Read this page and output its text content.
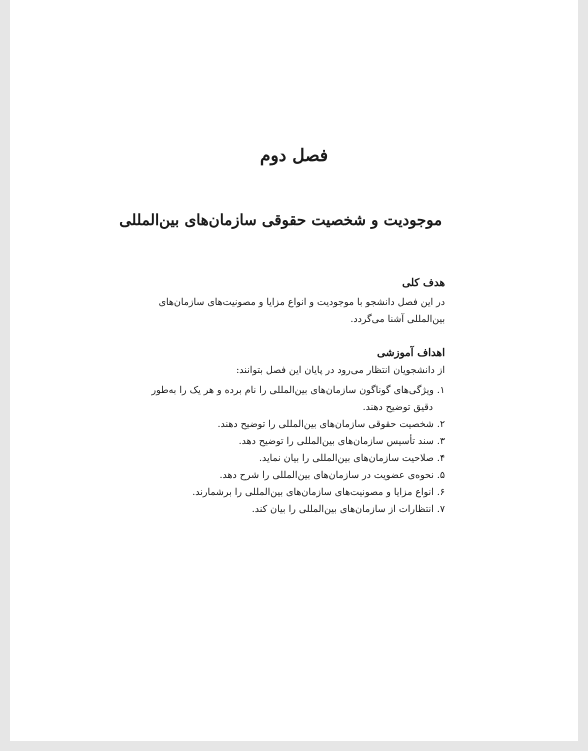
فصل دوم
موجودیت و شخصیت حقوقی سازمان‌های بین‌المللی
هدف کلی
در این فصل دانشجو با موجودیت و انواع مزایا و مصونیت‌های سازمان‌های بین‌المللی آشنا می‌گردد.
اهداف آموزشی
از دانشجویان انتظار می‌رود در پایان این فصل بتوانند:
۱. ویژگی‌های گوناگون سازمان‌های بین‌المللی را نام برده و هر یک را به‌طور دقیق توضیح دهند.
۲. شخصیت حقوقی سازمان‌های بین‌المللی را توضیح دهند.
۳. سند تأسیس سازمان‌های بین‌المللی را توضیح دهد.
۴. صلاحیت سازمان‌های بین‌المللی را بیان نماید.
۵. نحوه‌ی عضویت در سازمان‌های بین‌المللی را شرح دهد.
۶. انواع مزایا و مصونیت‌های سازمان‌های بین‌المللی را برشمارند.
۷. انتظارات از سازمان‌های بین‌المللی را بیان کند.
